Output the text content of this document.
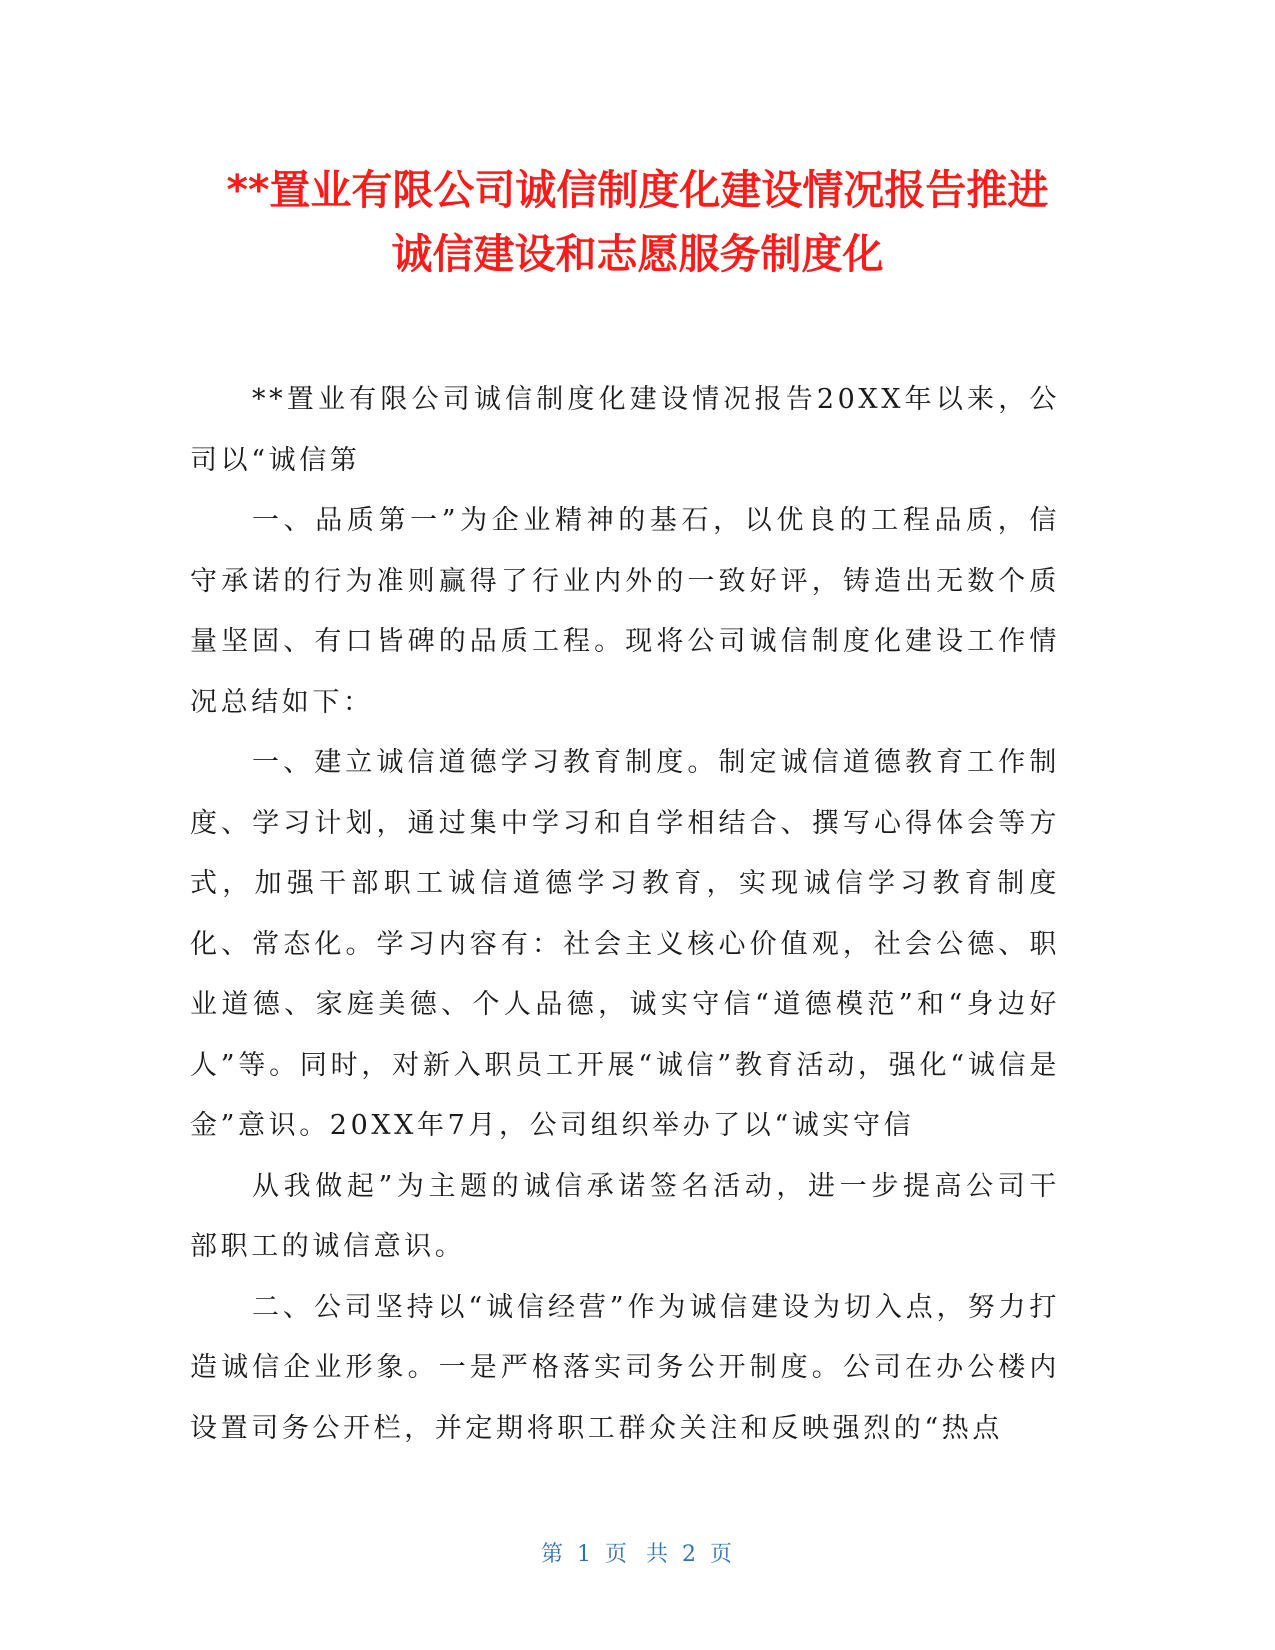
**置业有限公司诚信制度化建设情况报告推进
诚信建设和志愿服务制度化

**置业有限公司诚信制度化建设情况报告20XX年以来，公司以“诚信第

一、品质第一”为企业精神的基石，以优良的工程品质，信守承诺的行为准则赢得了行业内外的一致好评，铸造出无数个质量坚固、有口皆碑的品质工程。现将公司诚信制度化建设工作情况总结如下：

一、建立诚信道德学习教育制度。制定诚信道德教育工作制度、学习计划，通过集中学习和自学相结合、撰写心得体会等方式，加强干部职工诚信道德学习教育，实现诚信学习教育制度化、常态化。学习内容有：社会主义核心价值观，社会公德、职业道德、家庭美德、个人品德，诚实守信“道德模范”和“身边好人”等。同时，对新入职员工开展“诚信”教育活动，强化“诚信是金”意识。20XX年7月，公司组织举办了以“诚实守信

从我做起”为主题的诚信承诺签名活动，进一步提高公司干部职工的诚信意识。

二、公司坚持以“诚信经营”作为诚信建设为切入点，努力打造诚信企业形象。一是严格落实司务公开制度。公司在办公楼内设置司务公开栏，并定期将职工群众关注和反映强烈的“热点

第 1 页 共 2 页
